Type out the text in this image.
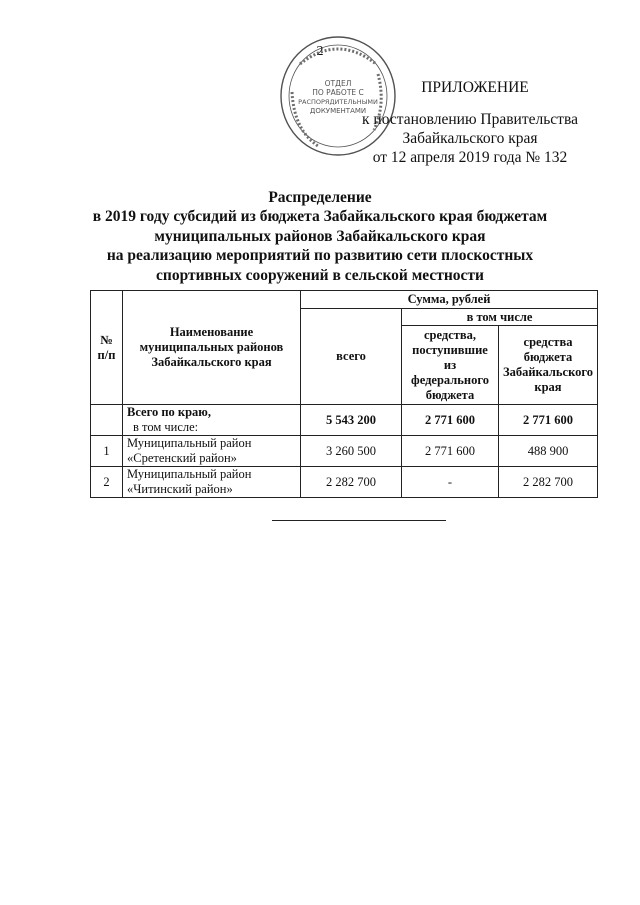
2
ОТДЕЛ
ПО РАБОТЕ С
РАСПОРЯДИТЕЛЬНЫМИ
ДОКУМЕНТАМИ
ПРИЛОЖЕНИЕ
к постановлению Правительства
Забайкальского края
от 12 апреля 2019 года № 132
Распределение
в 2019 году субсидий из бюджета Забайкальского края бюджетам
муниципальных районов Забайкальского края
на реализацию мероприятий по развитию сети плоскостных
спортивных сооружений в сельской местности
№ п/п	Наименование муниципальных районов Забайкальского края	Сумма, рублей		
		всего	в том числе	
			средства, поступившие из федерального бюджета	средства бюджета Забайкальского края

	Всего по краю,
в том числе:	5 543 200	2 771 600	2 771 600
1	Муниципальный район
«Сретенский район»	3 260 500	2 771 600	488 900
2	Муниципальный район
«Читинский район»	2 282 700	-	2 282 700
